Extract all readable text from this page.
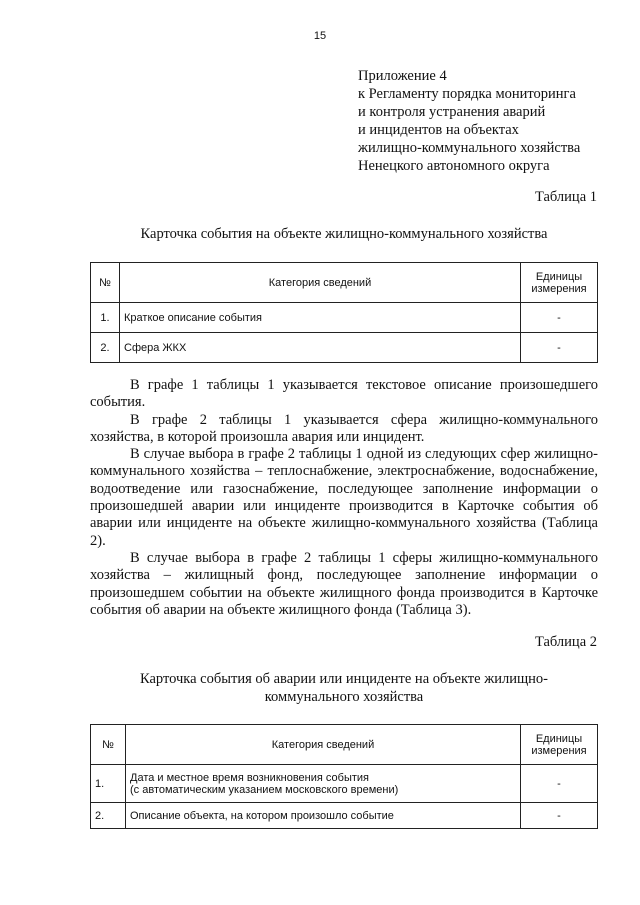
15
Приложение 4
к Регламенту порядка мониторинга
и контроля устранения аварий
и инцидентов на объектах
жилищно-коммунального хозяйства
Ненецкого автономного округа
Таблица 1
Карточка события на объекте жилищно-коммунального хозяйства
№	Категория сведений	Единицы
измерения
1.	Краткое описание события	-
2.	Сфера ЖКХ	-

В графе 1 таблицы 1 указывается текстовое описание произошедшего события.

В графе 2 таблицы 1 указывается сфера жилищно-коммунального хозяйства, в которой произошла авария или инцидент.

В случае выбора в графе 2 таблицы 1 одной из следующих сфер жилищно-коммунального хозяйства – теплоснабжение, электроснабжение, водоснабжение, водоотведение или газоснабжение, последующее заполнение информации о произошедшей аварии или инциденте производится в Карточке события об аварии или инциденте на объекте жилищно-коммунального хозяйства (Таблица 2).

В случае выбора в графе 2 таблицы 1 сферы жилищно-коммунального хозяйства – жилищный фонд, последующее заполнение информации о произошедшем событии на объекте жилищного фонда производится в Карточке события об аварии на объекте жилищного фонда (Таблица 3).

Таблица 2
Карточка события об аварии или инциденте на объекте жилищно-
коммунального хозяйства
№	Категория сведений	Единицы
измерения
1.	Дата и местное время возникновения события
(с автоматическим указанием московского времени)	-
2.	Описание объекта, на котором произошло событие	-
